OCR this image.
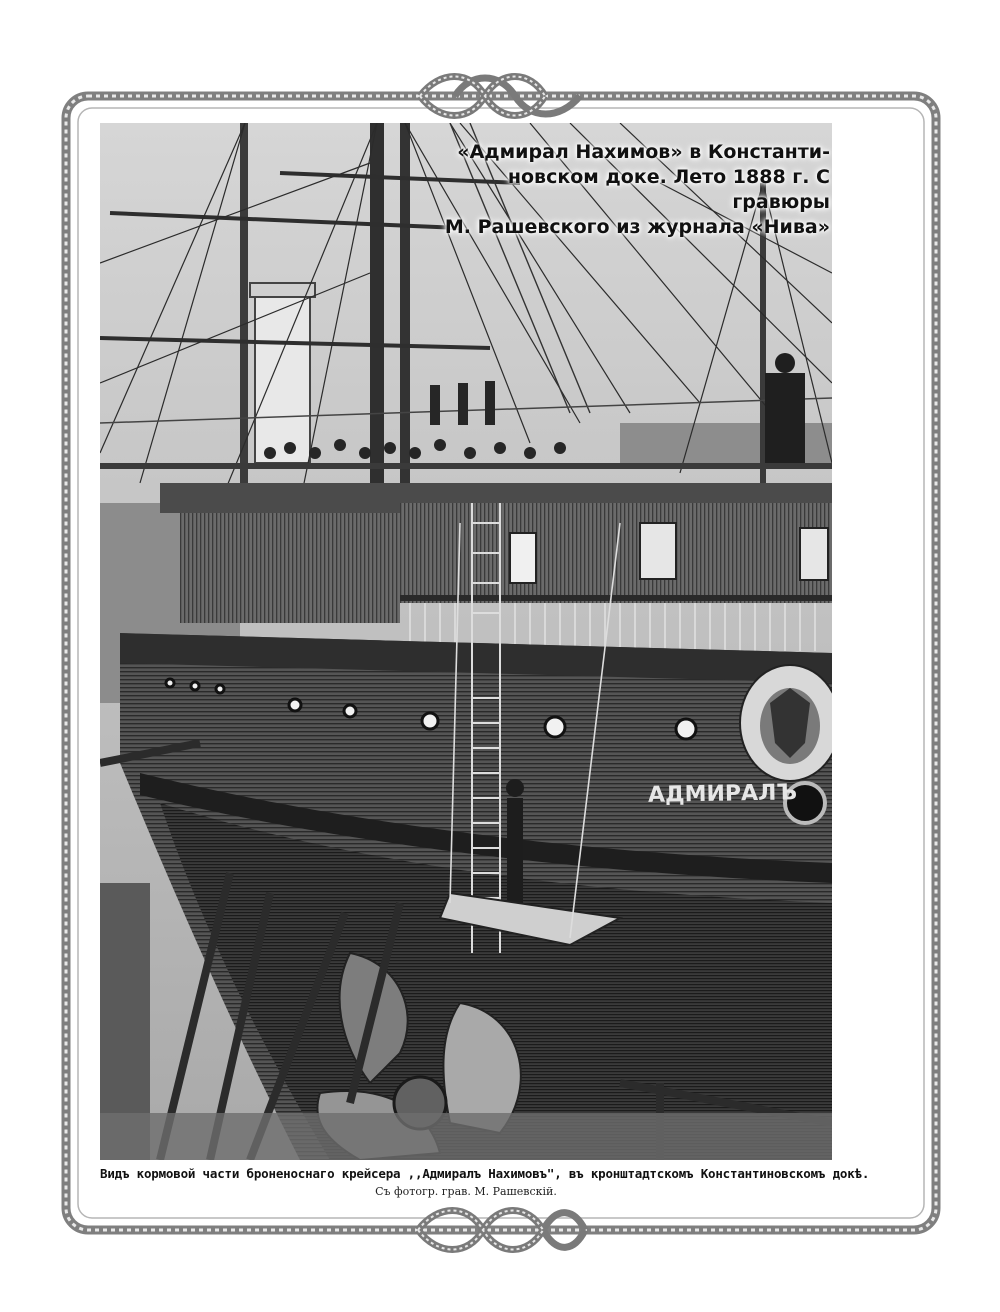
АДМИРАЛЪ
«Адмирал Нахимов» в Константи-
новском доке. Лето 1888 г. С гравюры
М. Рашевского из журнала «Нива»
Видъ кормовой части броненоснаго крейсера ,,Адмиралъ Нахимовъ", въ кронштадтскомъ Константиновскомъ докѣ.
Съ фотогр. грав. М. Рашевскій.
